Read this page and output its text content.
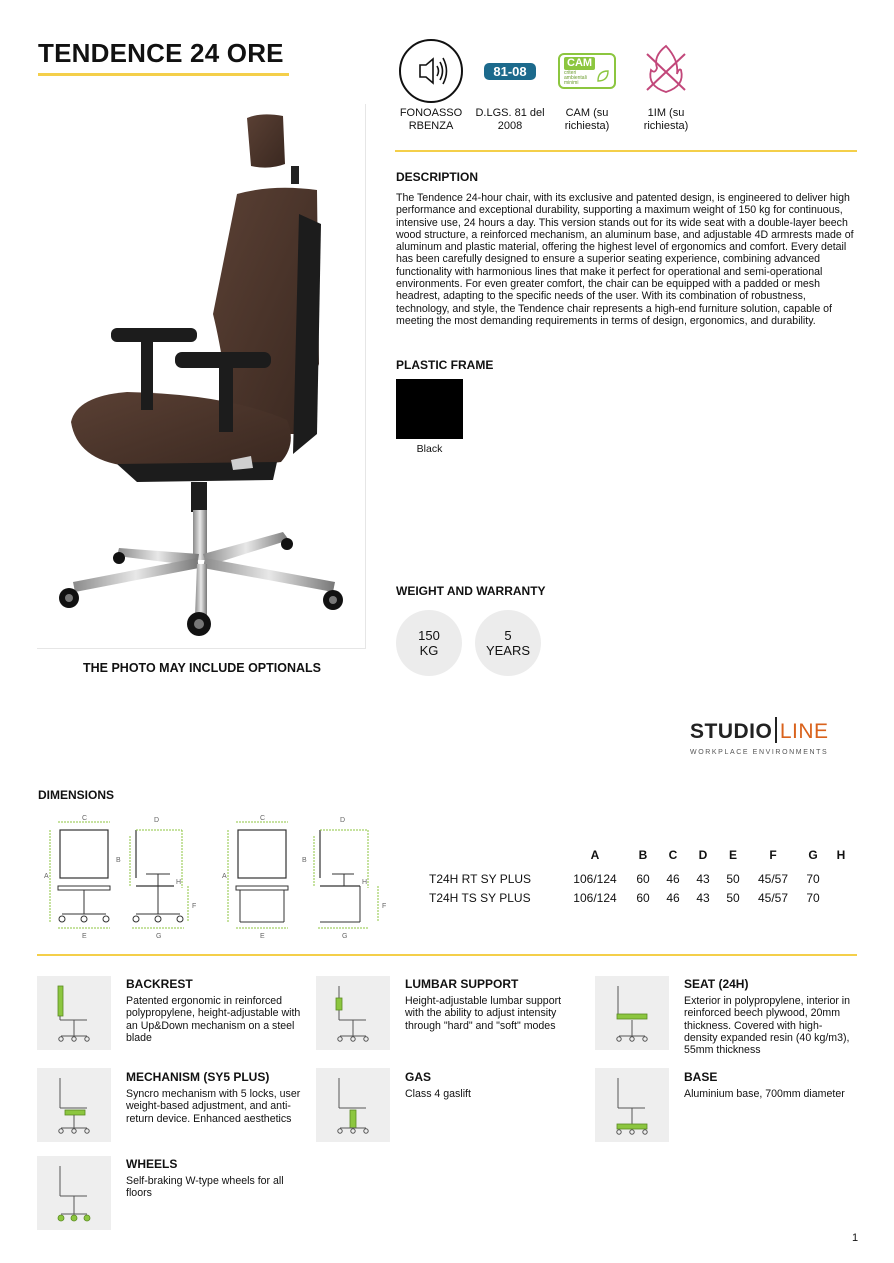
TENDENCE 24 ORE
THE PHOTO MAY INCLUDE OPTIONALS
FONOASSO RBENZA
81-08
D.LGS. 81 del 2008
CAM
criteri ambientali minimi
CAM (su richiesta)
1IM (su richiesta)
DESCRIPTION
The Tendence 24-hour chair, with its exclusive and patented design, is engineered to deliver high performance and exceptional durability, supporting a maximum weight of 150 kg for continuous, intensive use, 24 hours a day. This version stands out for its wide seat with a double-layer beech wood structure, a reinforced mechanism, an aluminum base, and adjustable 4D armrests made of aluminum and plastic material, offering the highest level of ergonomics and comfort. Every detail has been carefully designed to ensure a superior seating experience, combining advanced functionality with harmonious lines that make it perfect for operational and semi-operational environments. For even greater comfort, the chair can be equipped with a padded or mesh headrest, adapting to the specific needs of the user. With its combination of robustness, technology, and style, the Tendence chair represents a high-end furniture solution, capable of meeting the most demanding requirements in terms of design, ergonomics, and durability.
PLASTIC FRAME
Black
WEIGHT AND WARRANTY
150
KG
5
YEARS
STUDIO LINE
WORKPLACE ENVIRONMENTS
DIMENSIONS
C
A
E
D
B
H
F
G
C
A
E
D
B
H
F
G
	A	B	C	D	E	F	G	H
T24H RT SY PLUS	106/124	60	46	43	50	45/57	70	
T24H TS SY PLUS	106/124	60	46	43	50	45/57	70	
BACKREST
Patented ergonomic in reinforced polypropylene, height-adjustable with an Up&Down mechanism on a steel blade
LUMBAR SUPPORT
Height-adjustable lumbar support with the ability to adjust intensity through "hard" and "soft" modes
SEAT (24H)
Exterior in polypropylene, interior in reinforced beech plywood, 20mm thickness. Covered with high-density expanded resin (40 kg/m3), 55mm thickness
MECHANISM (SY5 PLUS)
Syncro mechanism with 5 locks, user weight-based adjustment, and anti-return device. Enhanced aesthetics
GAS
Class 4 gaslift
BASE
Aluminium base, 700mm diameter
WHEELS
Self-braking W-type wheels for all floors
1
